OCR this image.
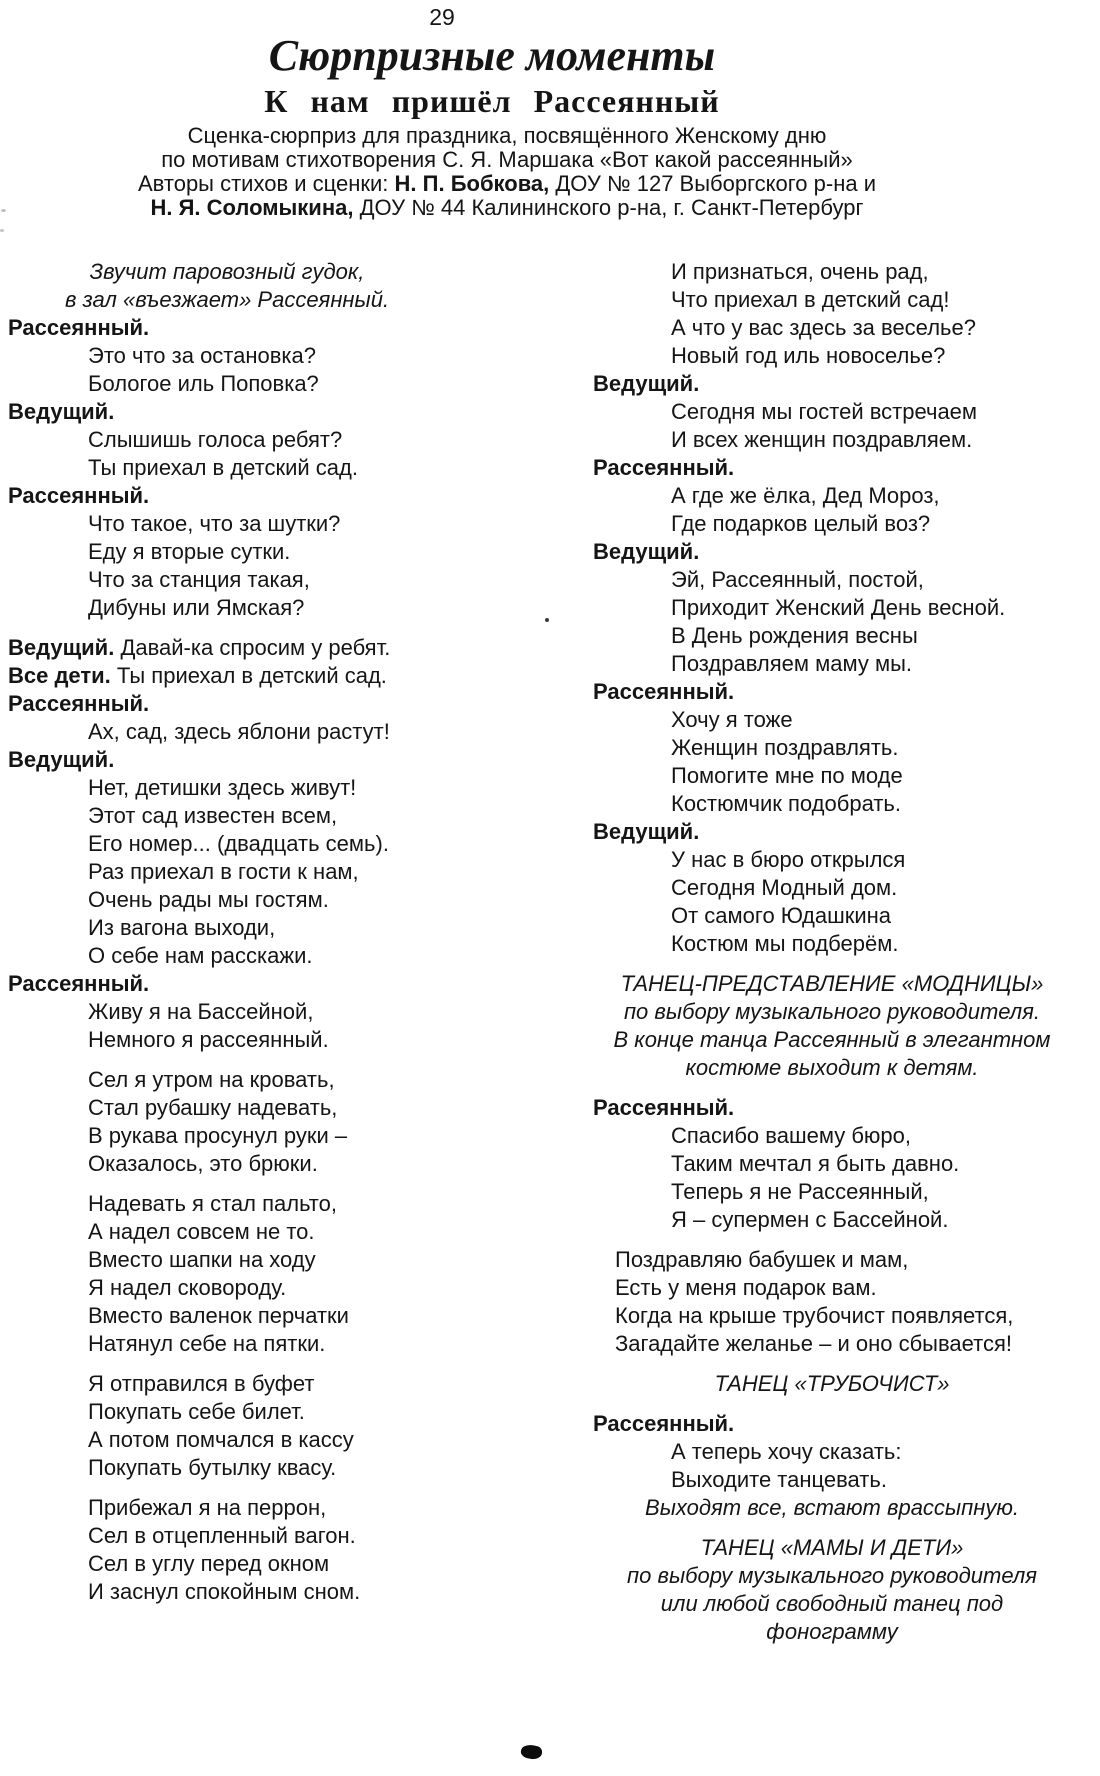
29
Сюрпризные моменты
К нам пришёл Рассеянный
Сценка-сюрприз для праздника, посвящённого Женскому дню
по мотивам стихотворения С. Я. Маршака «Вот какой рассеянный»
Авторы стихов и сценки: Н. П. Бобкова, ДОУ № 127 Выборгского р-на и
Н. Я. Соломыкина, ДОУ № 44 Калининского р-на, г. Санкт-Петербург
Звучит паровозный гудок,
в зал «въезжает» Рассеянный.
Рассеянный.
Это что за остановка?
Бологое иль Поповка?
Ведущий.
Слышишь голоса ребят?
Ты приехал в детский сад.
Рассеянный.
Что такое, что за шутки?
Еду я вторые сутки.
Что за станция такая,
Дибуны или Ямская?
Ведущий. Давай-ка спросим у ребят.
Все дети. Ты приехал в детский сад.
Рассеянный.
Ах, сад, здесь яблони растут!
Ведущий.
Нет, детишки здесь живут!
Этот сад известен всем,
Его номер... (двадцать семь).
Раз приехал в гости к нам,
Очень рады мы гостям.
Из вагона выходи,
О себе нам расскажи.
Рассеянный.
Живу я на Бассейной,
Немного я рассеянный.
Сел я утром на кровать,
Стал рубашку надевать,
В рукава просунул руки –
Оказалось, это брюки.
Надевать я стал пальто,
А надел совсем не то.
Вместо шапки на ходу
Я надел сковороду.
Вместо валенок перчатки
Натянул себе на пятки.
Я отправился в буфет
Покупать себе билет.
А потом помчался в кассу
Покупать бутылку квасу.
Прибежал я на перрон,
Сел в отцепленный вагон.
Сел в углу перед окном
И заснул спокойным сном.
И признаться, очень рад,
Что приехал в детский сад!
А что у вас здесь за веселье?
Новый год иль новоселье?
Ведущий.
Сегодня мы гостей встречаем
И всех женщин поздравляем.
Рассеянный.
А где же ёлка, Дед Мороз,
Где подарков целый воз?
Ведущий.
Эй, Рассеянный, постой,
Приходит Женский День весной.
В День рождения весны
Поздравляем маму мы.
Рассеянный.
Хочу я тоже
Женщин поздравлять.
Помогите мне по моде
Костюмчик подобрать.
Ведущий.
У нас в бюро открылся
Сегодня Модный дом.
От самого Юдашкина
Костюм мы подберём.
ТАНЕЦ-ПРЕДСТАВЛЕНИЕ «МОДНИЦЫ»
по выбору музыкального руководителя.
В конце танца Рассеянный в элегантном
костюме выходит к детям.
Рассеянный.
Спасибо вашему бюро,
Таким мечтал я быть давно.
Теперь я не Рассеянный,
Я – супермен с Бассейной.
Поздравляю бабушек и мам,
Есть у меня подарок вам.
Когда на крыше трубочист появляется,
Загадайте желанье – и оно сбывается!
ТАНЕЦ «ТРУБОЧИСТ»
Рассеянный.
А теперь хочу сказать:
Выходите танцевать.
Выходят все, встают врассыпную.
ТАНЕЦ «МАМЫ И ДЕТИ»
по выбору музыкального руководителя
или любой свободный танец под фонограмму
